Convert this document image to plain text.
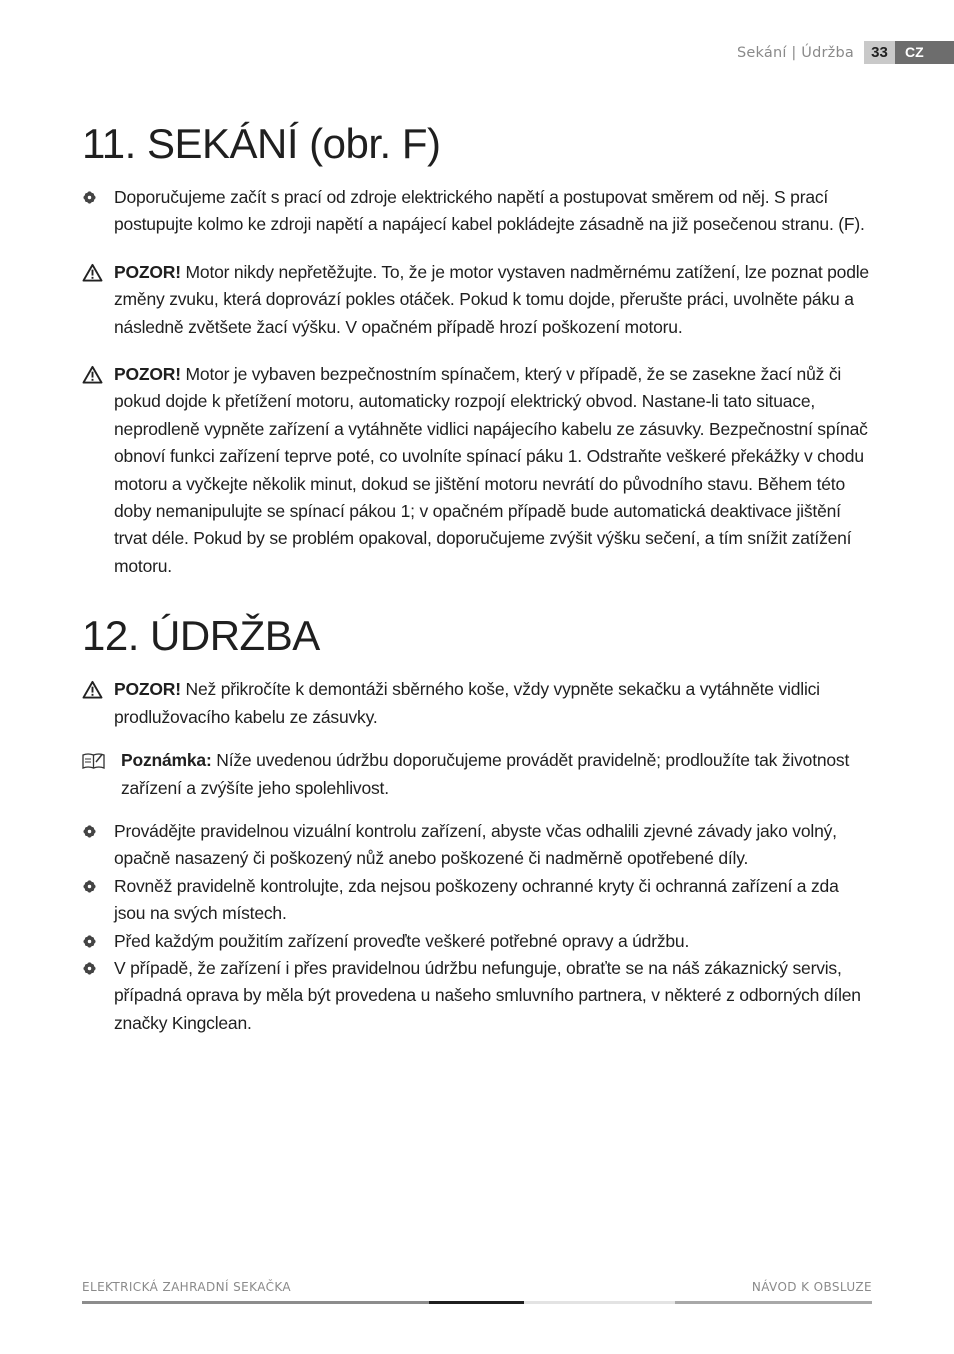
Sekání | Údržba	33	CZ
11. SEKÁNÍ (obr. F)
Doporučujeme začít s prací od zdroje elektrického napětí a postupovat směrem od něj. S prací postupujte kolmo ke zdroji napětí a napájecí kabel pokládejte zásadně na již posečenou stranu. (F).
POZOR! Motor nikdy nepřetěžujte. To, že je motor vystaven nadměrnému zatížení, lze poznat podle změny zvuku, která doprovází pokles otáček. Pokud k tomu dojde, přerušte práci, uvolněte páku a následně zvětšete žací výšku. V opačném případě hrozí poškození motoru.
POZOR! Motor je vybaven bezpečnostním spínačem, který v případě, že se zasekne žací nůž či pokud dojde k přetížení motoru, automaticky rozpojí elektrický obvod. Nastane-li tato situace, neprodleně vypněte zařízení a vytáhněte vidlici napájecího kabelu ze zásuvky. Bezpečnostní spínač obnoví funkci zařízení teprve poté, co uvolníte spínací páku 1. Odstraňte veškeré překážky v chodu motoru a vyčkejte několik minut, dokud se jištění motoru nevrátí do původního stavu. Během této doby nemanipulujte se spínací pákou 1; v opačném případě bude automatická deaktivace jištění trvat déle. Pokud by se problém opakoval, doporučujeme zvýšit výšku sečení, a tím snížit zatížení motoru.
12. ÚDRŽBA
POZOR! Než přikročíte k demontáži sběrného koše, vždy vypněte sekačku a vytáhněte vidlici prodlužovacího kabelu ze zásuvky.
Poznámka: Níže uvedenou údržbu doporučujeme provádět pravidelně; prodloužíte tak životnost zařízení a zvýšíte jeho spolehlivost.
Provádějte pravidelnou vizuální kontrolu zařízení, abyste včas odhalili zjevné závady jako volný, opačně nasazený či poškozený nůž anebo poškozené či nadměrně opotřebené díly.
Rovněž pravidelně kontrolujte, zda nejsou poškozeny ochranné kryty či ochranná zařízení a zda jsou na svých místech.
Před každým použitím zařízení proveďte veškeré potřebné opravy a údržbu.
V případě, že zařízení i přes pravidelnou údržbu nefunguje, obraťte se na náš zákaznický servis, případná oprava by měla být provedena u našeho smluvního partnera, v některé z odborných dílen značky Kingclean.
ELEKTRICKÁ ZAHRADNÍ SEKAČKA	NÁVOD K OBSLUZE
